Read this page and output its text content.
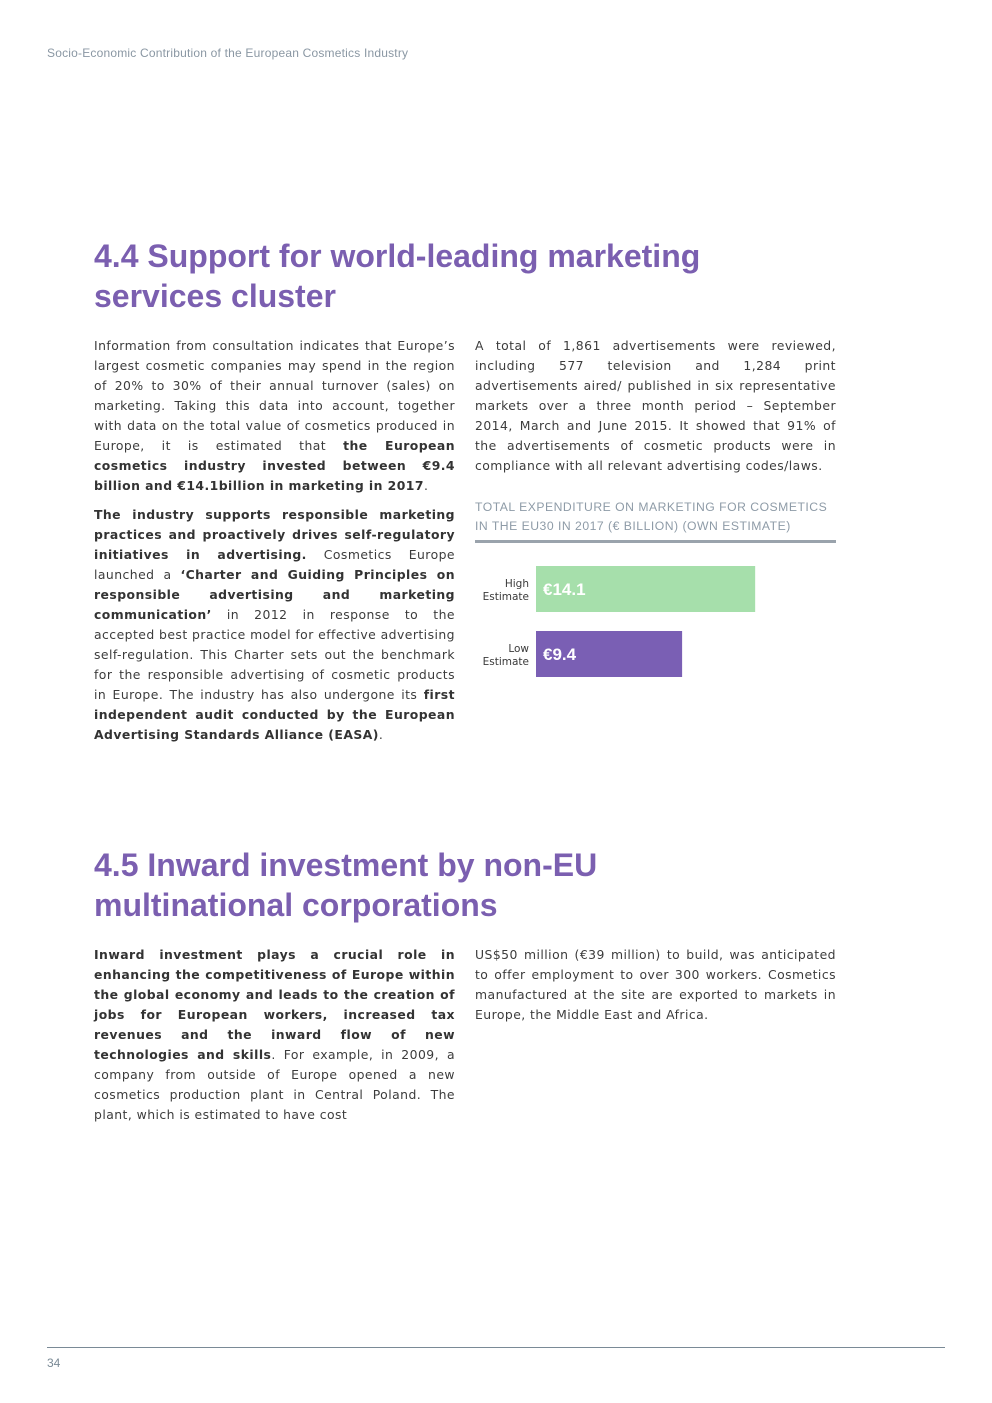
Socio-Economic Contribution of the European Cosmetics Industry
4.4 Support for world-leading marketing
services cluster

Information from consultation indicates that Europe’s largest cosmetic companies may spend in the region of 20% to 30% of their annual turnover (sales) on marketing. Taking this data into account, together with data on the total value of cosmetics produced in Europe, it is estimated that the European cosmetics industry invested between €9.4 billion and €14.1billion in marketing in 2017.

The industry supports responsible marketing practices and proactively drives self-regulatory initiatives in advertising. Cosmetics Europe launched a ‘Charter and Guiding Principles on responsible advertising and marketing communication’ in 2012 in response to the accepted best practice model for effective advertising self-regulation. This Charter sets out the benchmark for the responsible advertising of cosmetic products in Europe. The industry has also undergone its first independent audit conducted by the European Advertising Standards Alliance (EASA).

A total of 1,861 advertisements were reviewed, including 577 television and 1,284 print advertisements aired/ published in six representative markets over a three month period – September 2014, March and June 2015. It showed that 91% of the advertisements of cosmetic products were in compliance with all relevant advertising codes/laws.

TOTAL EXPENDITURE ON MARKETING FOR COSMETICS IN THE EU30 IN 2017 (€ BILLION) (OWN ESTIMATE)
€14.1
High Estimate
€9.4
Low Estimate
4.5 Inward investment by non-EU
multinational corporations

Inward investment plays a crucial role in enhancing the competitiveness of Europe within the global economy and leads to the creation of jobs for European workers, increased tax revenues and the inward flow of new technologies and skills. For example, in 2009, a company from outside of Europe opened a new cosmetics production plant in Central Poland. The plant, which is estimated to have cost

US$50 million (€39 million) to build, was anticipated to offer employment to over 300 workers. Cosmetics manufactured at the site are exported to markets in Europe, the Middle East and Africa.

34
